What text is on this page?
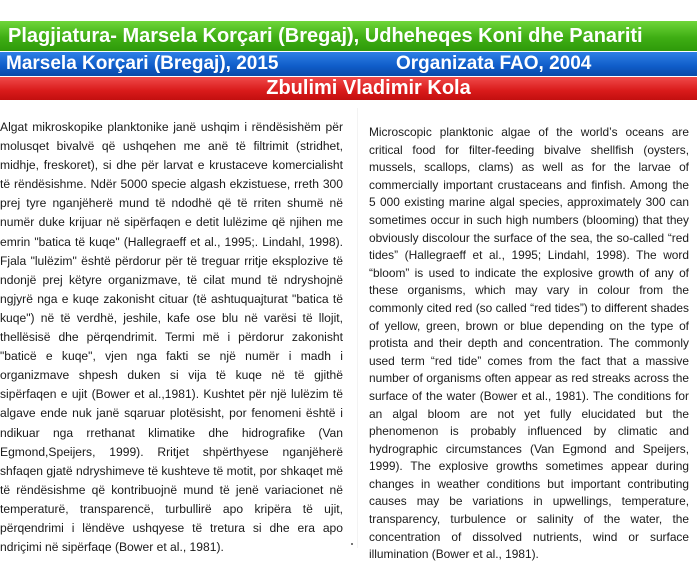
Plagjiatura- Marsela Korçari (Bregaj), Udheheqes Koni dhe Panariti
Marsela Korçari (Bregaj), 2015	Organizata FAO, 2004
Zbulimi Vladimir Kola

Algat mikroskopike planktonike janë ushqim i rëndësishëm për molusqet bivalvë që ushqehen me anë të filtrimit (stridhet, midhje, freskoret), si dhe për larvat e krustaceve komercialisht të rëndësishme. Ndër 5000 specie algash ekzistuese, rreth 300 prej tyre nganjëherë mund të ndodhë që të rriten shumë në numër duke krijuar në sipërfaqen e detit lulëzime që njihen me emrin "batica të kuqe" (Hallegraeff et al., 1995;. Lindahl, 1998). Fjala "lulëzim" është përdorur për të treguar rritje eksplozive të ndonjë prej këtyre organizmave, të cilat mund të ndryshojnë ngjyrë nga e kuqe zakonisht cituar (të ashtuquajturat "batica të kuqe") në të verdhë, jeshile, kafe ose blu në varësi të llojit, thellësisë dhe përqendrimit. Termi më i përdorur zakonisht "baticë e kuqe", vjen nga fakti se një numër i madh i organizmave shpesh duken si vija të kuqe në të gjithë sipërfaqen e ujit (Bower et al.,1981). Kushtet për një lulëzim të algave ende nuk janë sqaruar plotësisht, por fenomeni është i ndikuar nga rrethanat klimatike dhe hidrografike (Van Egmond,Speijers, 1999). Rritjet shpërthyese nganjëherë shfaqen gjatë ndryshimeve të kushteve të motit, por shkaqet më të rëndësishme që kontribuojnë mund të jenë variacionet në temperaturë, transparencë, turbullirë apo kripëra të ujit, përqendrimi i lëndëve ushqyese të tretura si dhe era apo ndriçimi në sipërfaqe (Bower et al., 1981).

Microscopic planktonic algae of the world’s oceans are critical food for filter-feeding bivalve shellfish (oysters, mussels, scallops, clams) as well as for the larvae of commercially important crustaceans and finfish. Among the 5 000 existing marine algal species, approximately 300 can sometimes occur in such high numbers (blooming) that they obviously discolour the surface of the sea, the so-called “red tides” (Hallegraeff et al., 1995; Lindahl, 1998). The word “bloom” is used to indicate the explosive growth of any of these organisms, which may vary in colour from the commonly cited red (so called “red tides”) to different shades of yellow, green, brown or blue depending on the type of protista and their depth and concentration. The commonly used term “red tide” comes from the fact that a massive number of organisms often appear as red streaks across the surface of the water (Bower et al., 1981). The conditions for an algal bloom are not yet fully elucidated but the phenomenon is probably influenced by climatic and hydrographic circumstances (Van Egmond and Speijers, 1999). The explosive growths sometimes appear during changes in weather conditions but important contributing causes may be variations in upwellings, temperature, transparency, turbulence or salinity of the water, the concentration of dissolved nutrients, wind or surface illumination (Bower et al., 1981).
